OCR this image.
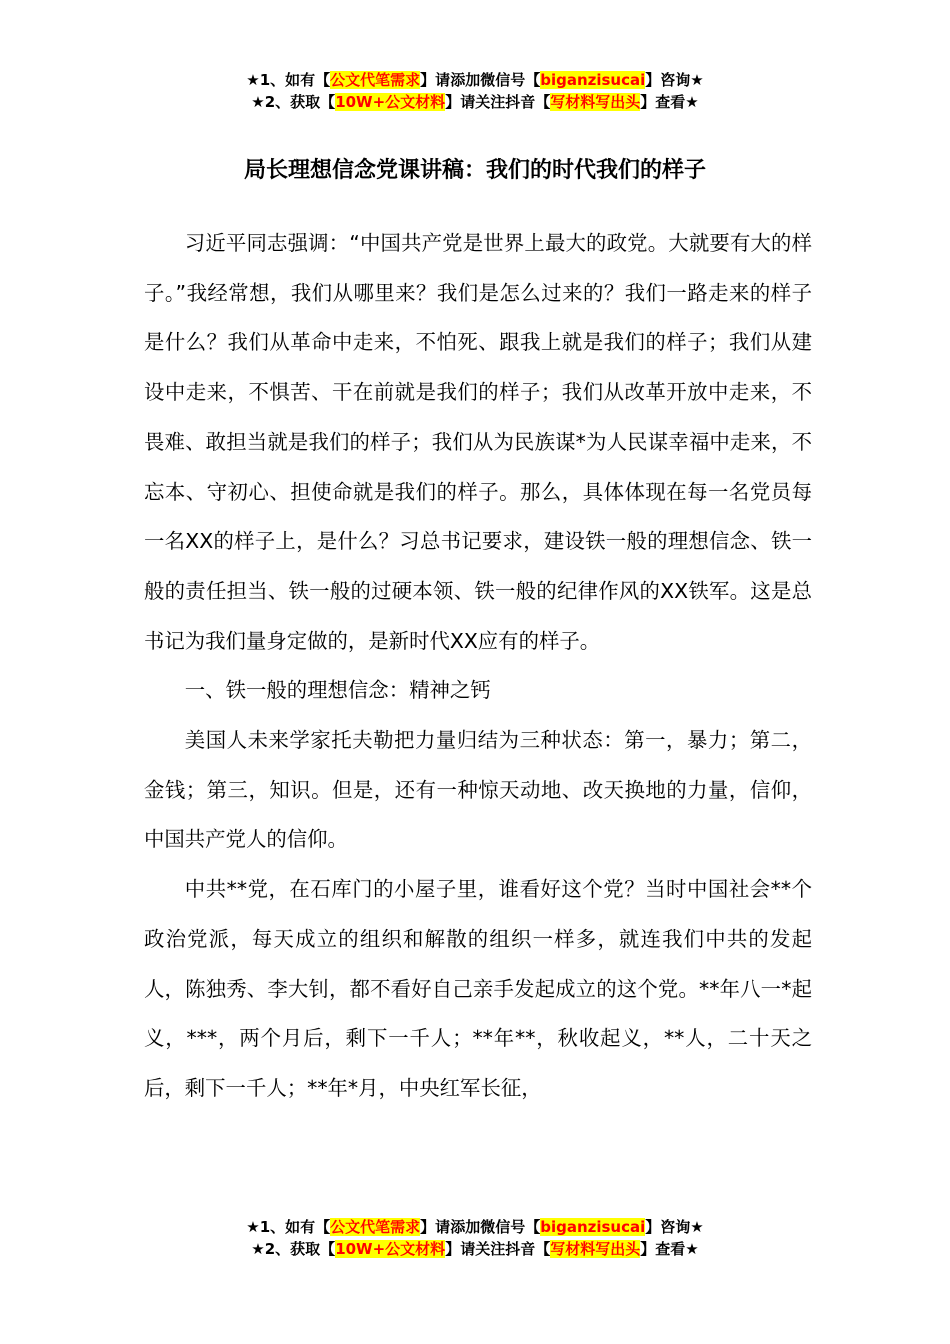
★1、如有【公文代笔需求】请添加微信号【biganzisucai】咨询★
★2、获取【10W+公文材料】请关注抖音【写材料写出头】查看★
局长理想信念党课讲稿：我们的时代我们的样子

习近平同志强调：“中国共产党是世界上最大的政党。大就要有大的样子。”我经常想，我们从哪里来？我们是怎么过来的？我们一路走来的样子是什么？我们从革命中走来，不怕死、跟我上就是我们的样子；我们从建设中走来，不惧苦、干在前就是我们的样子；我们从改革开放中走来，不畏难、敢担当就是我们的样子；我们从为民族谋*为人民谋幸福中走来，不忘本、守初心、担使命就是我们的样子。那么，具体体现在每一名党员每一名XX的样子上，是什么？习总书记要求，建设铁一般的理想信念、铁一般的责任担当、铁一般的过硬本领、铁一般的纪律作风的XX铁军。这是总书记为我们量身定做的，是新时代XX应有的样子。

一、铁一般的理想信念：精神之钙

美国人未来学家托夫勒把力量归结为三种状态：第一，暴力；第二，金钱；第三，知识。但是，还有一种惊天动地、改天换地的力量，信仰，中国共产党人的信仰。

中共**党，在石库门的小屋子里，谁看好这个党？当时中国社会**个政治党派，每天成立的组织和解散的组织一样多，就连我们中共的发起人，陈独秀、李大钊，都不看好自己亲手发起成立的这个党。**年八一*起义，***，两个月后，剩下一千人；**年**，秋收起义，**人，二十天之后，剩下一千人；**年*月，中央红军长征，

★1、如有【公文代笔需求】请添加微信号【biganzisucai】咨询★
★2、获取【10W+公文材料】请关注抖音【写材料写出头】查看★
